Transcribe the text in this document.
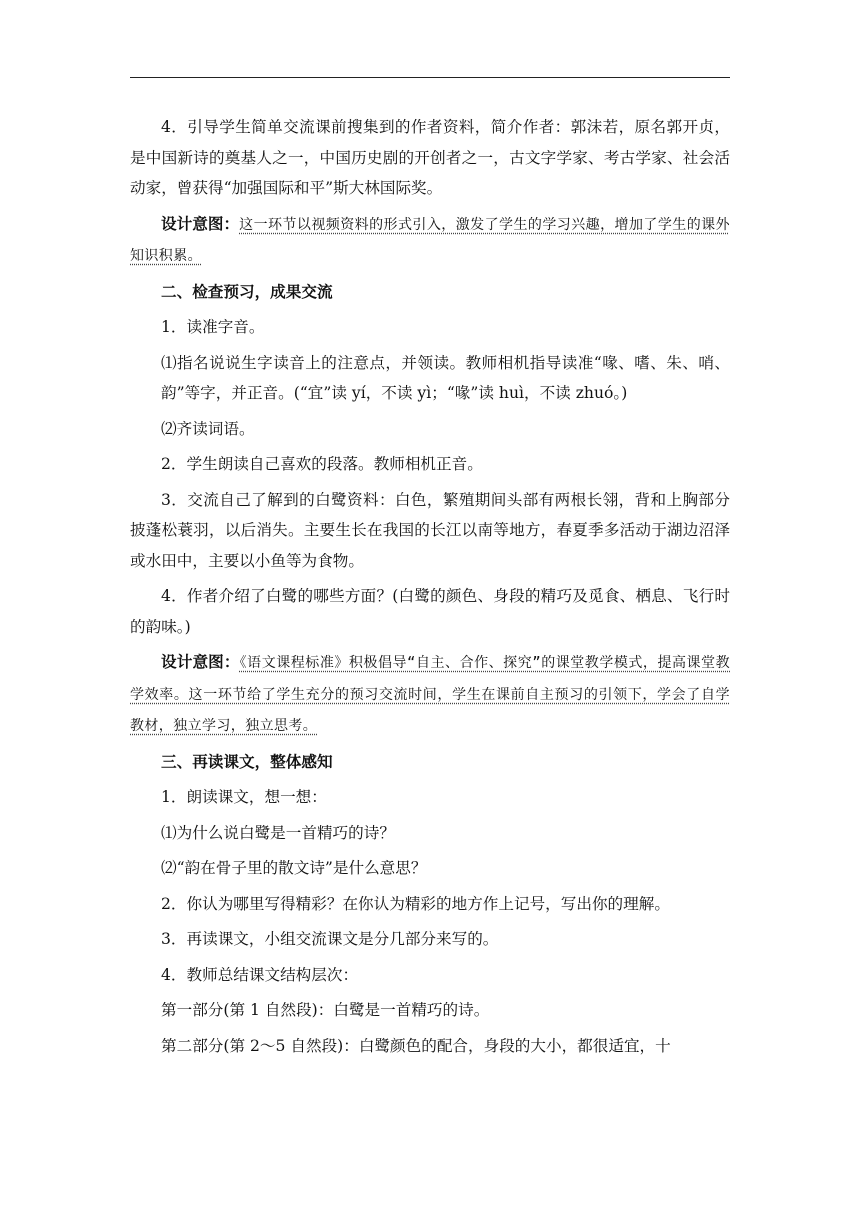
4．引导学生简单交流课前搜集到的作者资料，简介作者：郭沫若，原名郭开贞，是中国新诗的奠基人之一，中国历史剧的开创者之一，古文字学家、考古学家、社会活动家，曾获得“加强国际和平”斯大林国际奖。

设计意图：这一环节以视频资料的形式引入，激发了学生的学习兴趣，增加了学生的课外知识积累。

二、检查预习，成果交流

1．读准字音。

⑴指名说说生字读音上的注意点，并领读。教师相机指导读准“喙、嗜、朱、哨、韵”等字，并正音。(“宜”读 yí，不读 yì；“喙”读 huì，不读 zhuó。)

⑵齐读词语。

2．学生朗读自己喜欢的段落。教师相机正音。

3．交流自己了解到的白鹭资料：白色，繁殖期间头部有两根长翎，背和上胸部分披蓬松蓑羽，以后消失。主要生长在我国的长江以南等地方，春夏季多活动于湖边沼泽或水田中，主要以小鱼等为食物。

4．作者介绍了白鹭的哪些方面？(白鹭的颜色、身段的精巧及觅食、栖息、飞行时的韵味。)

设计意图：《语文课程标准》积极倡导“自主、合作、探究”的课堂教学模式，提高课堂教学效率。这一环节给了学生充分的预习交流时间，学生在课前自主预习的引领下，学会了自学教材，独立学习，独立思考。

三、再读课文，整体感知

1．朗读课文，想一想：

⑴为什么说白鹭是一首精巧的诗？

⑵“韵在骨子里的散文诗”是什么意思？

2．你认为哪里写得精彩？在你认为精彩的地方作上记号，写出你的理解。

3．再读课文，小组交流课文是分几部分来写的。

4．教师总结课文结构层次：

第一部分(第 1 自然段)：白鹭是一首精巧的诗。

第二部分(第 2～5 自然段)：白鹭颜色的配合，身段的大小，都很适宜，十
